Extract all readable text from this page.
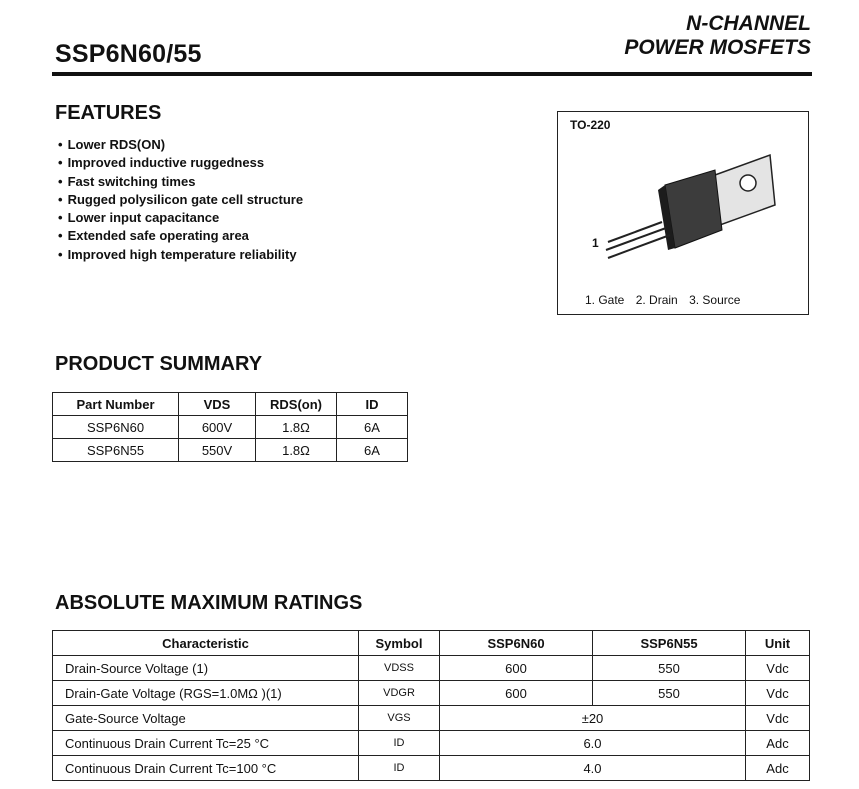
SSP6N60/55
N-CHANNEL
POWER MOSFETS
FEATURES
• Lower RDS(ON)
• Improved inductive ruggedness
• Fast switching times
• Rugged polysilicon gate cell structure
• Lower input capacitance
• Extended safe operating area
• Improved high temperature reliability
TO-220
1
1. Gate 2. Drain 3. Source
PRODUCT SUMMARY
Part Number	VDS	RDS(on)	ID
SSP6N60	600V	1.8Ω	6A
SSP6N55	550V	1.8Ω	6A
ABSOLUTE MAXIMUM RATINGS
Characteristic	Symbol	SSP6N60	SSP6N55	Unit
Drain-Source Voltage (1)	VDSS	600	550	Vdc
Drain-Gate Voltage (RGS=1.0MΩ )(1)	VDGR	600	550	Vdc
Gate-Source Voltage	VGS	±20		Vdc
Continuous Drain Current Tc=25 °C	ID	6.0		Adc
Continuous Drain Current Tc=100 °C	ID	4.0		Adc
